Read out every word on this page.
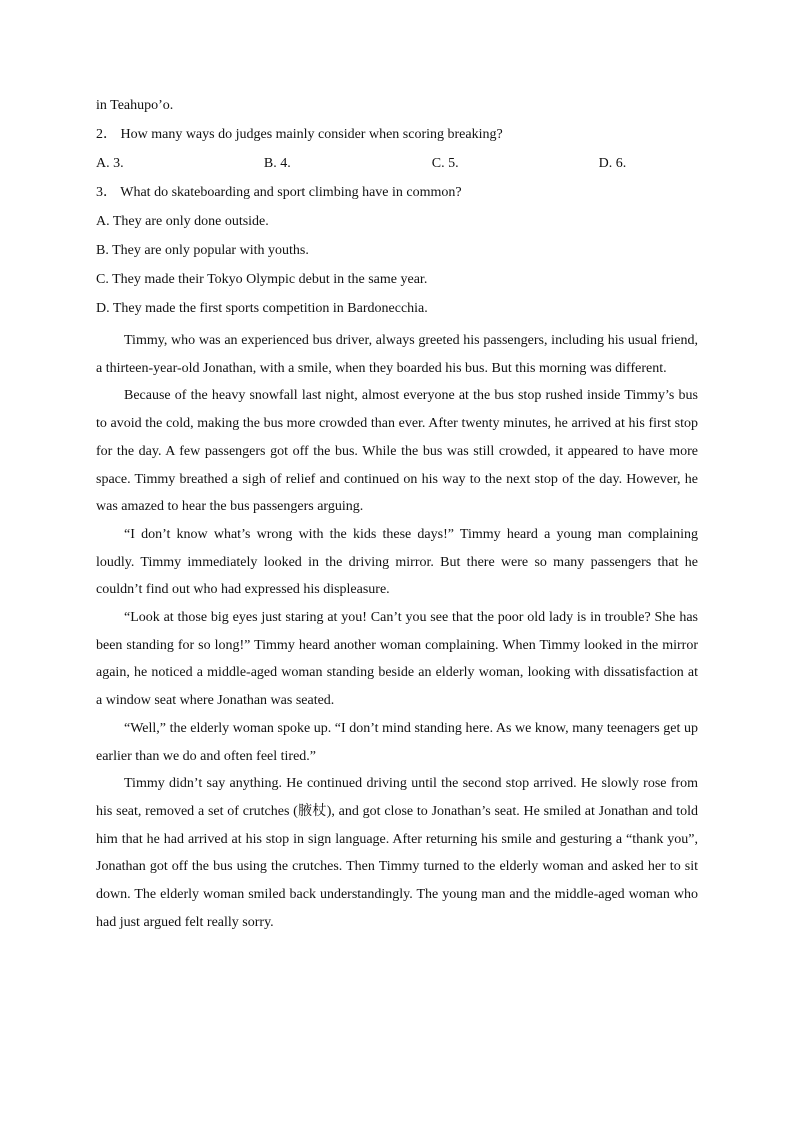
in Teahupo’o.

2． How many ways do judges mainly consider when scoring breaking?

A. 3.	B. 4.	C. 5.	D. 6.

3． What do skateboarding and sport climbing have in common?

A. They are only done outside.

B. They are only popular with youths.

C. They made their Tokyo Olympic debut in the same year.

D. They made the first sports competition in Bardonecchia.

Timmy, who was an experienced bus driver, always greeted his passengers, including his usual friend, a thirteen-year-old Jonathan, with a smile, when they boarded his bus. But this morning was different.

Because of the heavy snowfall last night, almost everyone at the bus stop rushed inside Timmy’s bus to avoid the cold, making the bus more crowded than ever. After twenty minutes, he arrived at his first stop for the day. A few passengers got off the bus. While the bus was still crowded, it appeared to have more space. Timmy breathed a sigh of relief and continued on his way to the next stop of the day. However, he was amazed to hear the bus passengers arguing.

“I don’t know what’s wrong with the kids these days!” Timmy heard a young man complaining loudly. Timmy immediately looked in the driving mirror. But there were so many passengers that he couldn’t find out who had expressed his displeasure.

“Look at those big eyes just staring at you! Can’t you see that the poor old lady is in trouble? She has been standing for so long!” Timmy heard another woman complaining. When Timmy looked in the mirror again, he noticed a middle-aged woman standing beside an elderly woman, looking with dissatisfaction at a window seat where Jonathan was seated.

“Well,” the elderly woman spoke up. “I don’t mind standing here. As we know, many teenagers get up earlier than we do and often feel tired.”

Timmy didn’t say anything. He continued driving until the second stop arrived. He slowly rose from his seat, removed a set of crutches (腋杖), and got close to Jonathan’s seat. He smiled at Jonathan and told him that he had arrived at his stop in sign language. After returning his smile and gesturing a “thank you”, Jonathan got off the bus using the crutches. Then Timmy turned to the elderly woman and asked her to sit down. The elderly woman smiled back understandingly. The young man and the middle-aged woman who had just argued felt really sorry.
